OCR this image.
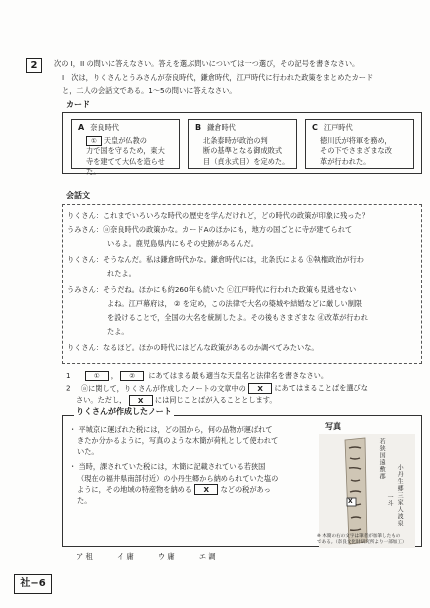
2	次の I，II の問いに答えなさい。答えを選ぶ問いについては一つ選び，その記号を書きなさい。
I　次は，りくさんとうみさんが奈良時代，鎌倉時代，江戸時代に行われた政策をまとめたカード
と，二人の会話文である。1～5の問いに答えなさい。
カード
A 奈良時代
① 天皇が仏教の
力で国を守るため，東大
寺を建てて大仏を造らせた。
B 鎌倉時代
北条泰時が政治の判
断の基準となる御成敗式
目（貞永式目）を定めた。
C 江戸時代
徳川氏が将軍を務め，
その下でさまざまな改
革が行われた。
会話文
りくさん：これまでいろいろな時代の歴史を学んだけれど，どの時代の政策が印象に残った？
うみさん：ⓐ奈良時代の政策かな。カードAのほかにも，地方の国ごとに寺が建てられて
いるよ。鹿児島県内にもその史跡があるんだ。
りくさん：そうなんだ。私は鎌倉時代かな。鎌倉時代には，北条氏による ⓑ執権政治が行わ
れたよ。
うみさん：そうだね。ほかにも約260年も続いた ⓒ江戸時代に行われた政策も見逃せない
よね。江戸幕府は， ② を定め，この法律で大名の築城や結婚などに厳しい制限
を設けることで，全国の大名を統制したよ。その後もさまざまな ⓓ改革が行われ
たよ。
りくさん：なるほど。ほかの時代にはどんな政策があるのか調べてみたいな。
1	① ， ② にあてはまる最も適当な天皇名と法律名を書きなさい。
2 ⓐに関して，りくさんが作成したノートの文章中の X にあてはまることばを選びな
さい。ただし， X には同じことばが入ることとします。
りくさんが作成したノート
・ 平城京に運ばれた税には，どの国から，何の品物が運ばれて
きたか分かるように，写真のような木簡が荷札として使われて
いた。
・ 当時，課されていた税には，木簡に記載されている若狭国
（現在の福井県南部付近）の小丹生郷から納められていた塩の
ように，その地域の特産物を納める X などの税があっ
た。
写真
X
若狭国遠敷郡
小丹生郷三家人波泉
一斗
※ 木簡の右の文字は筆者が加筆したもの
である。（奈良文化財研究所より一部加工）
ア 租	イ 庸	ウ 庸	エ 調
社−6
